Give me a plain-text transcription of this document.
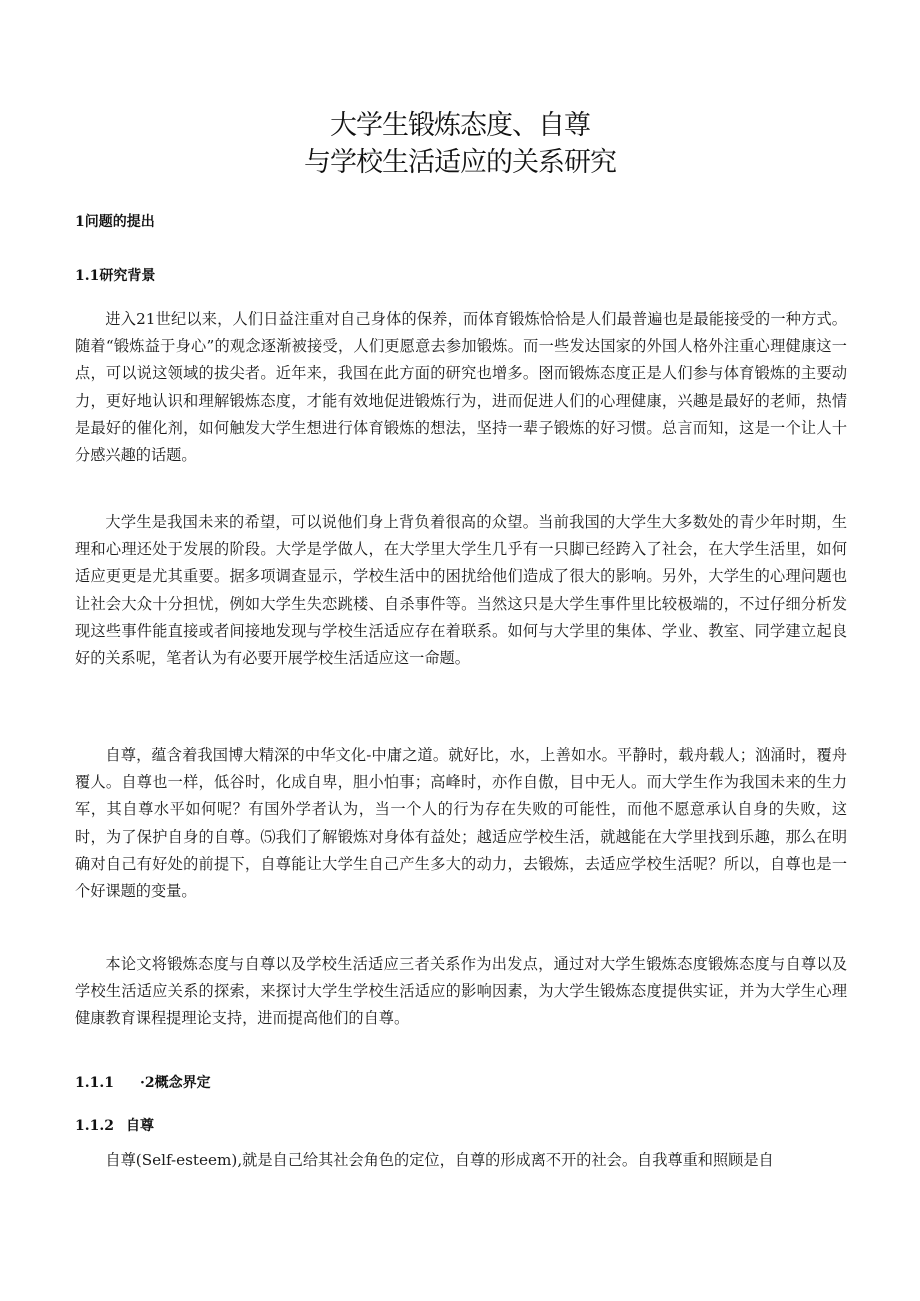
大学生锻炼态度、自尊
与学校生活适应的关系研究
1问题的提出
1.1研究背景

进入21世纪以来，人们日益注重对自己身体的保养，而体育锻炼恰恰是人们最普遍也是最能接受的一种方式。随着“锻炼益于身心”的观念逐渐被接受，人们更愿意去参加锻炼。而一些发达国家的外国人格外注重心理健康这一点，可以说这领域的拔尖者。近年来，我国在此方面的研究也增多。囹而锻炼态度正是人们参与体育锻炼的主要动力，更好地认识和理解锻炼态度，才能有效地促进锻炼行为，进而促进人们的心理健康，兴趣是最好的老师，热情是最好的催化剂，如何触发大学生想进行体育锻炼的想法，坚持一辈子锻炼的好习惯。总言而知，这是一个让人十分感兴趣的话题。

大学生是我国未来的希望，可以说他们身上背负着很高的众望。当前我国的大学生大多数处的青少年时期，生理和心理还处于发展的阶段。大学是学做人，在大学里大学生几乎有一只脚已经跨入了社会，在大学生活里，如何适应更更是尤其重要。据多项调查显示，学校生活中的困扰给他们造成了很大的影响。另外，大学生的心理问题也让社会大众十分担忧，例如大学生失恋跳楼、自杀事件等。当然这只是大学生事件里比较极端的，不过仔细分析发现这些事件能直接或者间接地发现与学校生活适应存在着联系。如何与大学里的集体、学业、教室、同学建立起良好的关系呢，笔者认为有必要开展学校生活适应这一命题。

自尊，蕴含着我国博大精深的中华文化-中庸之道。就好比，水，上善如水。平静时，载舟载人；汹涌时，覆舟覆人。自尊也一样，低谷时，化成自卑，胆小怕事；高峰时，亦作自傲，目中无人。而大学生作为我国未来的生力军，其自尊水平如何呢？有国外学者认为，当一个人的行为存在失败的可能性，而他不愿意承认自身的失败，这时，为了保护自身的自尊。⑸我们了解锻炼对身体有益处；越适应学校生活，就越能在大学里找到乐趣，那么在明确对自己有好处的前提下，自尊能让大学生自己产生多大的动力，去锻炼，去适应学校生活呢？所以，自尊也是一个好课题的变量。

本论文将锻炼态度与自尊以及学校生活适应三者关系作为出发点，通过对大学生锻炼态度锻炼态度与自尊以及学校生活适应关系的探索，来探讨大学生学校生活适应的影响因素，为大学生锻炼态度提供实证，并为大学生心理健康教育课程提理论支持，进而提高他们的自尊。

1.1.1 ·2概念界定
1.1.2 自尊

自尊(Self-esteem),就是自己给其社会角色的定位，自尊的形成离不开的社会。自我尊重和照顾是自
